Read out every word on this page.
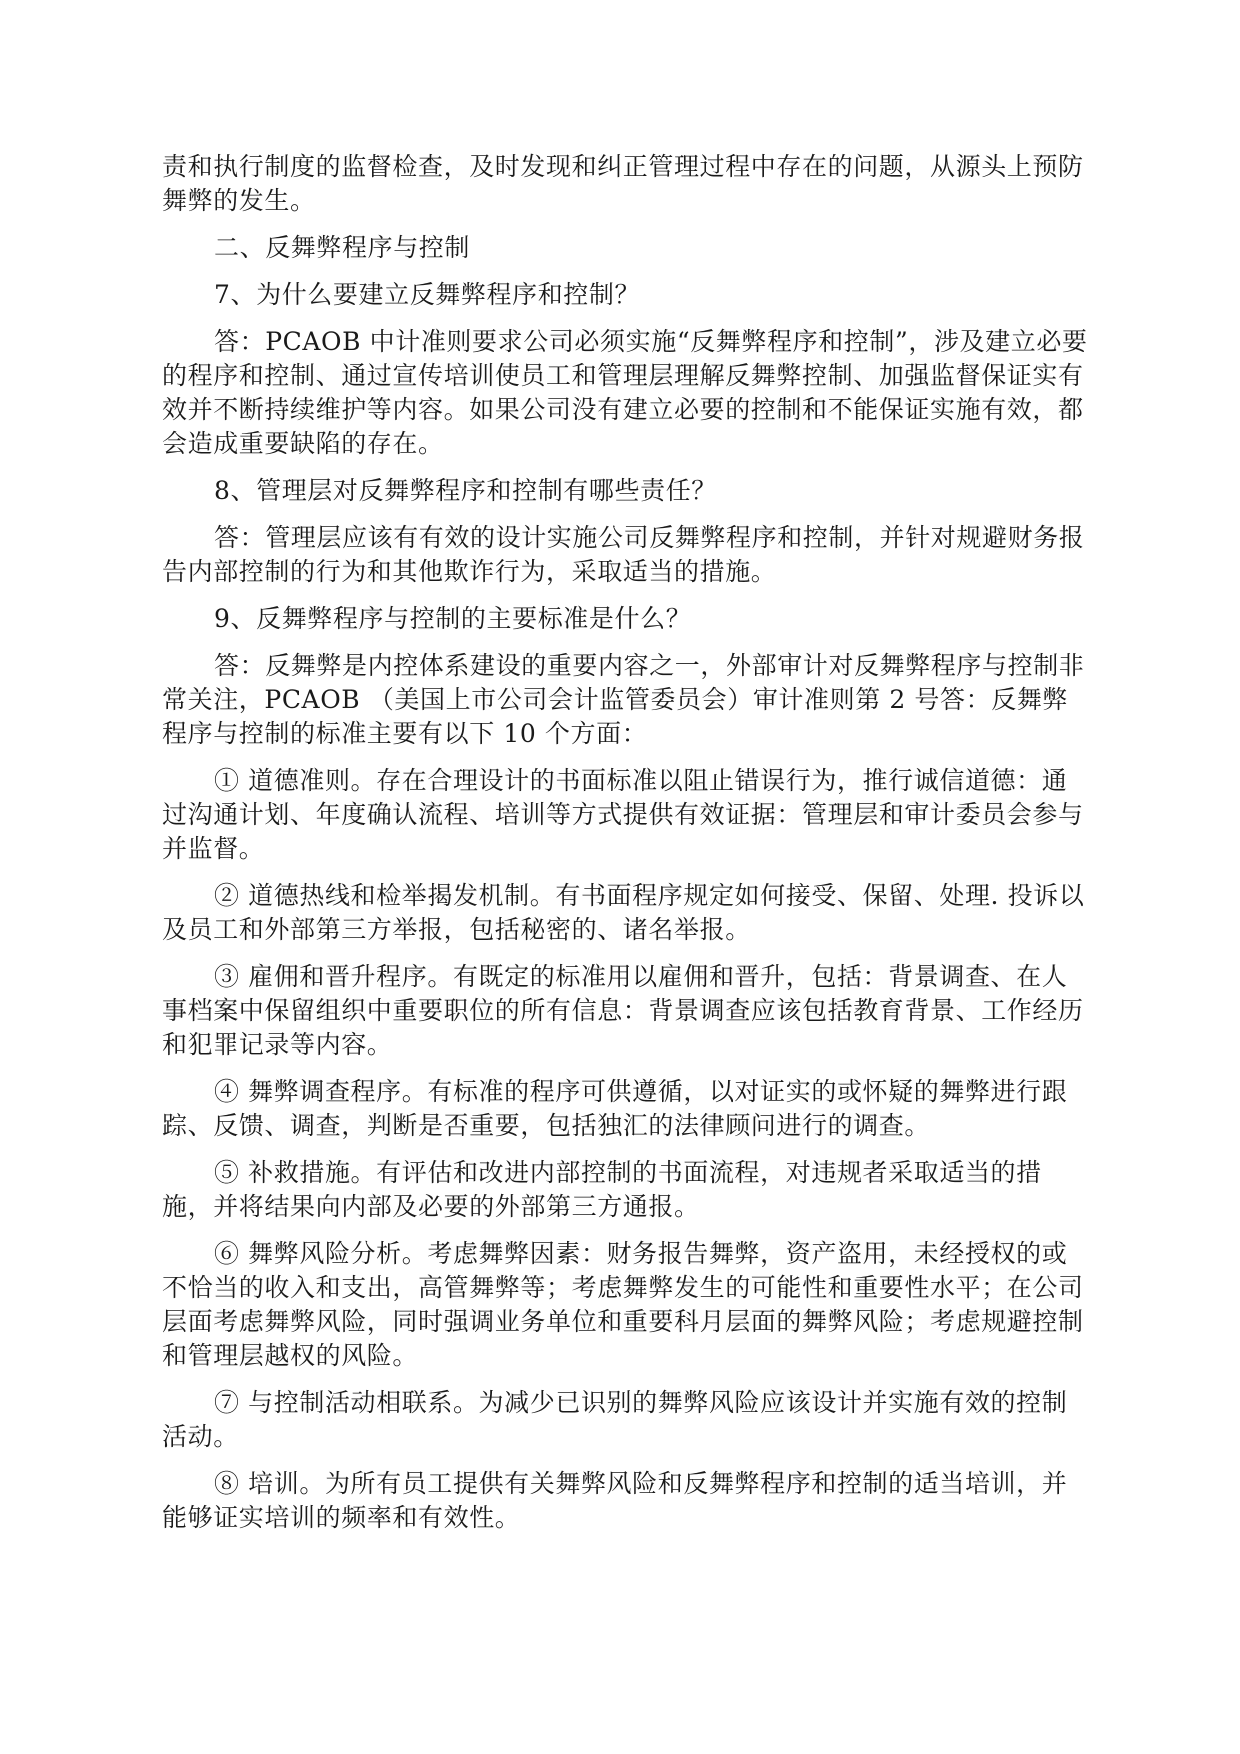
责和执行制度的监督检查，及时发现和纠正管理过程中存在的问题，从源头上预防舞弊的发生。

二、反舞弊程序与控制

7、为什么要建立反舞弊程序和控制？

答：PCAOB 中计准则要求公司必须实施“反舞弊程序和控制”，涉及建立必要的程序和控制、通过宣传培训使员工和管理层理解反舞弊控制、加强监督保证实有效并不断持续维护等内容。如果公司没有建立必要的控制和不能保证实施有效，都会造成重要缺陷的存在。

8、管理层对反舞弊程序和控制有哪些责任？

答：管理层应该有有效的设计实施公司反舞弊程序和控制，并针对规避财务报告内部控制的行为和其他欺诈行为，采取适当的措施。

9、反舞弊程序与控制的主要标准是什么？

答：反舞弊是内控体系建设的重要内容之一，外部审计对反舞弊程序与控制非常关注，PCAOB （美国上市公司会计监管委员会）审计准则第 2 号答：反舞弊程序与控制的标准主要有以下 10 个方面：

① 道德准则。存在合理设计的书面标准以阻止错误行为，推行诚信道德：通过沟通计划、年度确认流程、培训等方式提供有效证据：管理层和审计委员会参与并监督。

② 道德热线和检举揭发机制。有书面程序规定如何接受、保留、处理. 投诉以及员工和外部第三方举报，包括秘密的、诸名举报。

③ 雇佣和晋升程序。有既定的标准用以雇佣和晋升，包括：背景调查、在人事档案中保留组织中重要职位的所有信息：背景调查应该包括教育背景、工作经历和犯罪记录等内容。

④ 舞弊调查程序。有标准的程序可供遵循，以对证实的或怀疑的舞弊进行跟踪、反馈、调查，判断是否重要，包括独汇的法律顾问进行的调查。

⑤ 补救措施。有评估和改进内部控制的书面流程，对违规者采取适当的措施，并将结果向内部及必要的外部第三方通报。

⑥ 舞弊风险分析。考虑舞弊因素：财务报告舞弊，资产盗用，未经授权的或不恰当的收入和支出，高管舞弊等；考虑舞弊发生的可能性和重要性水平；在公司层面考虑舞弊风险，同时强调业务单位和重要科月层面的舞弊风险；考虑规避控制和管理层越权的风险。

⑦ 与控制活动相联系。为减少已识别的舞弊风险应该设计并实施有效的控制活动。

⑧ 培训。为所有员工提供有关舞弊风险和反舞弊程序和控制的适当培训，并能够证实培训的频率和有效性。
